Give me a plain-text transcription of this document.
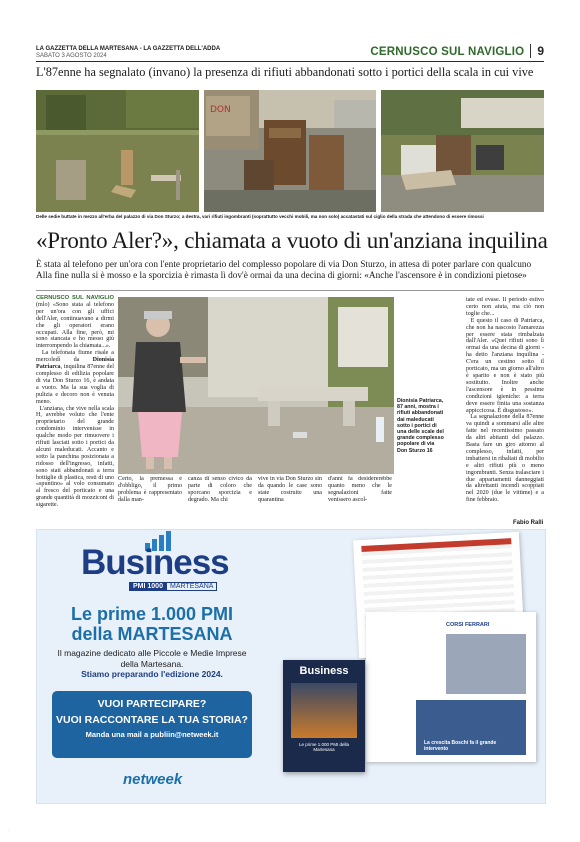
LA GAZZETTA DELLA MARTESANA - LA GAZZETTA DELL'ADDA
SABATO 3 AGOSTO 2024	CERNUSCO SUL NAVIGLIO 9
L'87enne ha segnalato (invano) la presenza di rifiuti abbandonati sotto i portici della scala in cui vive
DON
Delle sedie buttate in mezzo all'erba del palazzo di via Don Sturzo; a destra, vari rifiuti ingombranti (soprattutto vecchi mobili, ma non solo) accatastati sul ciglio della strada che attendono di essere rimossi
«Pronto Aler?», chiamata a vuoto di un'anziana inquilina
È stata al telefono per un'ora con l'ente proprietario del complesso popolare di via Don Sturzo, in attesa di poter parlare con qualcuno
Alla fine nulla si è mosso e la sporcizia è rimasta lì dov'è ormai da una decina di giorni: «Anche l'ascensore è in condizioni pietose»
CERNUSCO SUL NAVIGLIO (mlo) «Sono stata al telefono per un'ora con gli uffici dell'Aler, continuavano a dirmi che gli operatori erano occupati. Alla fine, però, mi sono stancata e ho messo giù interrompendo la chiamata...».
La telefonata fiume risale a mercoledì da Dionisia Patriarca, inquilina 87enne del complesso di edilizia popolare di via Don Sturzo 16, è andata a vuoto. Ma la sua voglia di pulizia e decoro non è venuta meno.
L'anziana, che vive nella scala H, avrebbe voluto che l'ente proprietario del grande condominio intervenisse in qualche modo per rimuovere i rifiuti lasciati sotto i portici da alcuni maleducati. Accanto e sotto la panchina posizionata a ridosso dell'ingresso, infatti, sono stati abbandonati a terra bottiglie di plastica, resti di uno «spuntino» al volo consumato al fresco del porticato e una grande quantità di mozziconi di sigarette.
Dionisia Patriarca, 87 anni, mostra i rifiuti abbandonati dai maleducati sotto i portici di una delle scale del grande complesso popolare di via Don Sturzo 16
Certo, la premessa è d'obbligo, il primo problema è rappresentato dalla man-
canza di senso civico da parte di coloro che sporcano sporcizia e degrado. Ma chi
vive in via Don Sturzo sin da quando le case sono state costruite una quarantina
d'anni fa desidererebbe quanto meno che le segnalazioni fatte venissero ascol-
tate ed evase. Il periodo estivo certo non aiuta, ma ciò non toglie che...
E questo il caso di Patriarca, che non ha nascosto l'amarezza per essere stata rimbalzata dall'Aler. «Quei rifiuti sono lì ormai da una decina di giorni - ha detto l'anziana inquilina - C'era un cestino sotto il porticato, ma un giorno all'altro è sparito e non è stato più sostituito. Inoltre anche l'ascensore è in pessime condizioni igieniche: a terra deve essere finita una sostanza appiccicosa. È disgustoso».
La segnalazione della 87enne va quindi a sommarsi alle altre fatte nel recentissimo passato da altri abitanti del palazzo. Basta fare un giro attorno al complesso, infatti, per imbattersi in ribaltati di mobilio e altri rifiuti più o meno ingombranti. Senza tralasciare i due appartamenti danneggiati da altrettanti incendi scoppiati nel 2020 (due le vittime) e a fine febbraio.
Fabio Ralli
Business
PMI 1000	MARTESANA
Le prime 1.000 PMI della MARTESANA
Il magazine dedicato alle Piccole e Medie Imprese della Martesana.
Stiamo preparando l'edizione 2024.
VUOI PARTECIPARE?
VUOI RACCONTARE LA TUA STORIA?
Manda una mail a publiin@netweek.it
netweek
CORSI FERRARI
La crescita Boschi fa il grande intervento
Business
Le prime 1.000 PMI della Martesana
.
